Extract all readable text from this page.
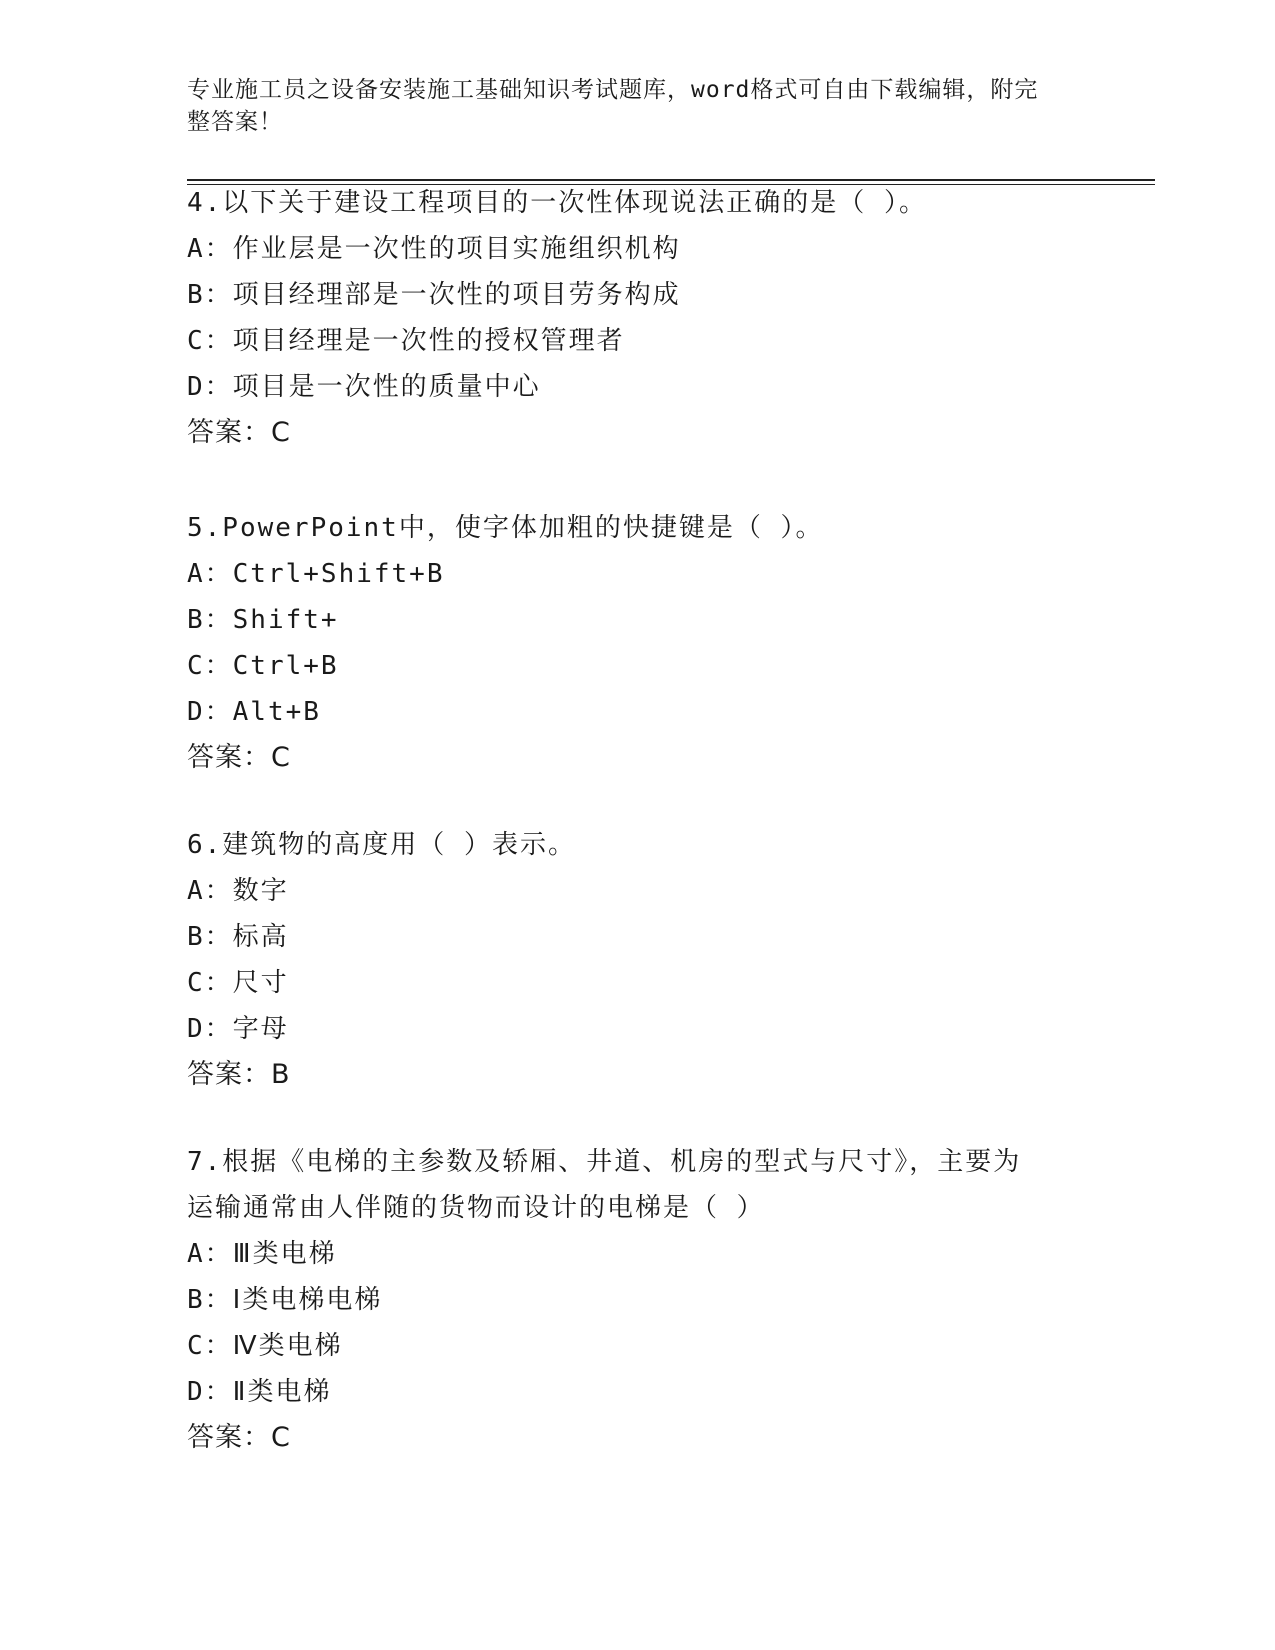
专业施工员之设备安装施工基础知识考试题库，word格式可自由下载编辑，附完整答案！
4.以下关于建设工程项目的一次性体现说法正确的是（ ）。
A：作业层是一次性的项目实施组织机构
B：项目经理部是一次性的项目劳务构成
C：项目经理是一次性的授权管理者
D：项目是一次性的质量中心
答案：C
5.PowerPoint中，使字体加粗的快捷键是（ ）。
A：Ctrl+Shift+B
B：Shift+
C：Ctrl+B
D：Alt+B
答案：C
6.建筑物的高度用（ ）表示。
A：数字
B：标高
C：尺寸
D：字母
答案：B
7.根据《电梯的主参数及轿厢、井道、机房的型式与尺寸》，主要为
运输通常由人伴随的货物而设计的电梯是（ ）
A：Ⅲ类电梯
B：Ⅰ类电梯电梯
C：Ⅳ类电梯
D：Ⅱ类电梯
答案：C
